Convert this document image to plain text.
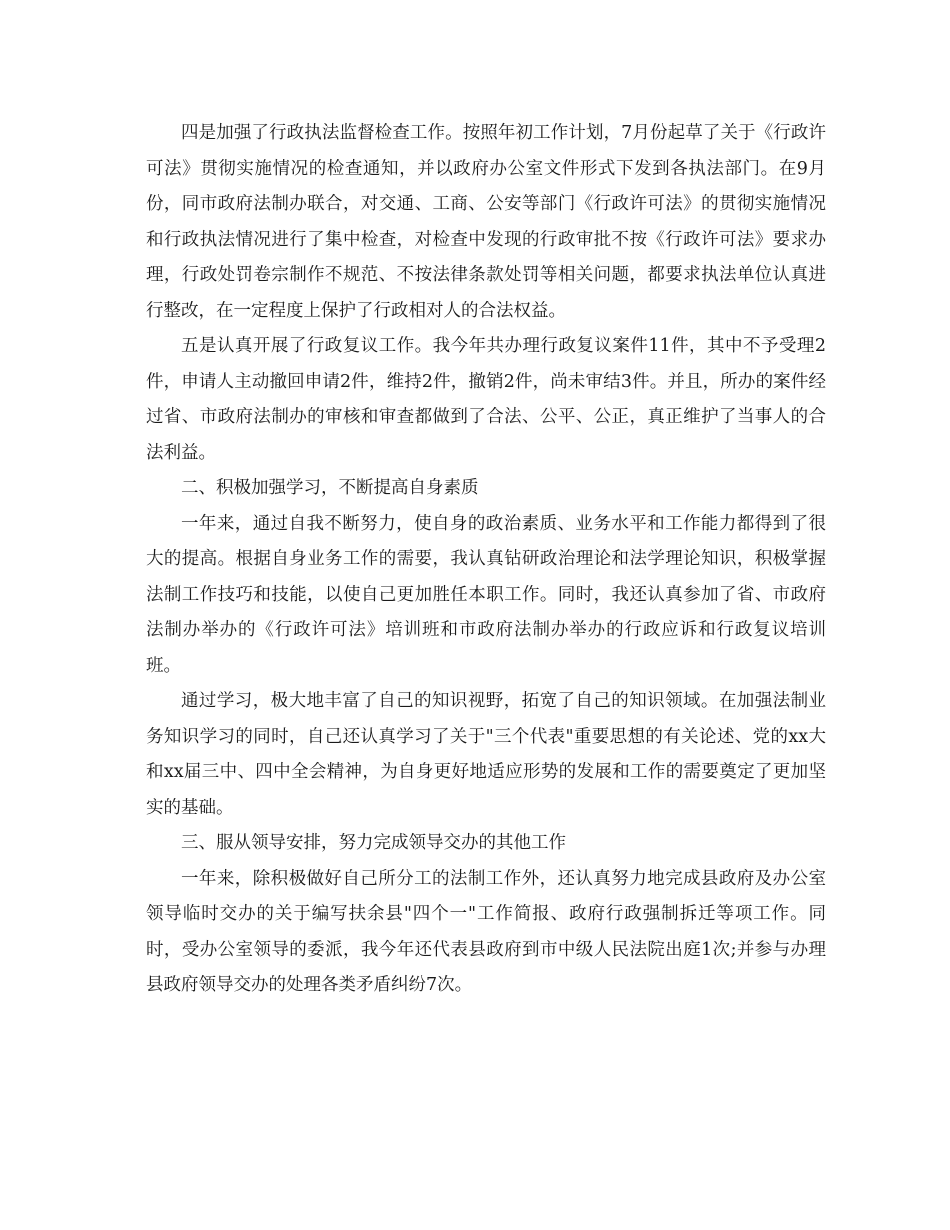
四是加强了行政执法监督检查工作。按照年初工作计划，7月份起草了关于《行政许可法》贯彻实施情况的检查通知，并以政府办公室文件形式下发到各执法部门。在9月份，同市政府法制办联合，对交通、工商、公安等部门《行政许可法》的贯彻实施情况和行政执法情况进行了集中检查，对检查中发现的行政审批不按《行政许可法》要求办理，行政处罚卷宗制作不规范、不按法律条款处罚等相关问题，都要求执法单位认真进行整改，在一定程度上保护了行政相对人的合法权益。

五是认真开展了行政复议工作。我今年共办理行政复议案件11件，其中不予受理2件，申请人主动撤回申请2件，维持2件，撤销2件，尚未审结3件。并且，所办的案件经过省、市政府法制办的审核和审查都做到了合法、公平、公正，真正维护了当事人的合法利益。

二、积极加强学习，不断提高自身素质

一年来，通过自我不断努力，使自身的政治素质、业务水平和工作能力都得到了很大的提高。根据自身业务工作的需要，我认真钻研政治理论和法学理论知识，积极掌握法制工作技巧和技能，以使自己更加胜任本职工作。同时，我还认真参加了省、市政府法制办举办的《行政许可法》培训班和市政府法制办举办的行政应诉和行政复议培训班。

通过学习，极大地丰富了自己的知识视野，拓宽了自己的知识领域。在加强法制业务知识学习的同时，自己还认真学习了关于"三个代表"重要思想的有关论述、党的xx大和xx届三中、四中全会精神，为自身更好地适应形势的发展和工作的需要奠定了更加坚实的基础。

三、服从领导安排，努力完成领导交办的其他工作

一年来，除积极做好自己所分工的法制工作外，还认真努力地完成县政府及办公室领导临时交办的关于编写扶余县"四个一"工作简报、政府行政强制拆迁等项工作。同时，受办公室领导的委派，我今年还代表县政府到市中级人民法院出庭1次;并参与办理县政府领导交办的处理各类矛盾纠纷7次。
